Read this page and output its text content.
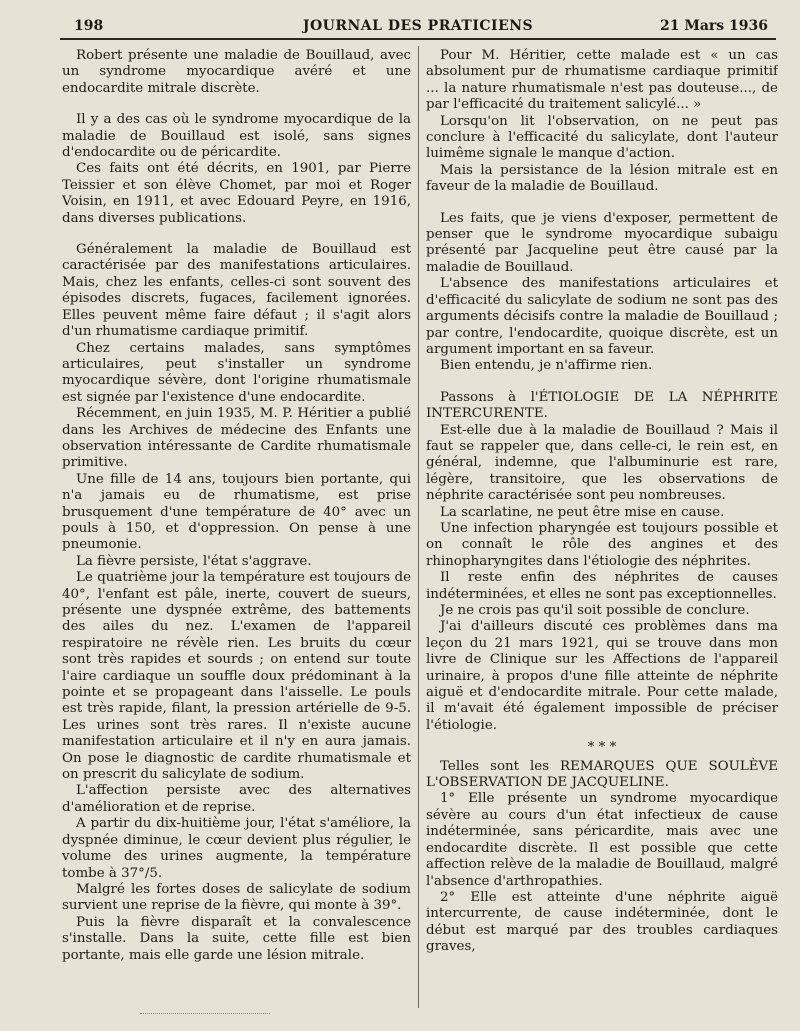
198	JOURNAL DES PRATICIENS	21 Mars 1936

Robert présente une maladie de Bouillaud, avec un syndrome myocardique avéré et une endocardite mitrale discrète.

Il y a des cas où le syndrome myocardique de la maladie de Bouillaud est isolé, sans signes d'endocardite ou de péricardite.

Ces faits ont été décrits, en 1901, par Pierre Teissier et son élève Chomet, par moi et Roger Voisin, en 1911, et avec Edouard Peyre, en 1916, dans diverses publications.

Généralement la maladie de Bouillaud est caractérisée par des manifestations articulaires. Mais, chez les enfants, celles-ci sont souvent des épisodes discrets, fugaces, facilement ignorées. Elles peuvent même faire défaut ; il s'agit alors d'un rhumatisme cardiaque primitif.

Chez certains malades, sans symptômes articulaires, peut s'installer un syndrome myocardique sévère, dont l'origine rhumatismale est signée par l'existence d'une endocardite.

Récemment, en juin 1935, M. P. Héritier a publié dans les Archives de médecine des Enfants une observation intéressante de Cardite rhumatismale primitive.

Une fille de 14 ans, toujours bien portante, qui n'a jamais eu de rhumatisme, est prise brusquement d'une température de 40° avec un pouls à 150, et d'oppression. On pense à une pneumonie.

La fièvre persiste, l'état s'aggrave.

Le quatrième jour la température est toujours de 40°, l'enfant est pâle, inerte, couvert de sueurs, présente une dyspnée extrême, des battements des ailes du nez. L'examen de l'appareil respiratoire ne révèle rien. Les bruits du cœur sont très rapides et sourds ; on entend sur toute l'aire cardiaque un souffle doux prédominant à la pointe et se propageant dans l'aisselle. Le pouls est très rapide, filant, la pression artérielle de 9-5. Les urines sont très rares. Il n'existe aucune manifestation articulaire et il n'y en aura jamais. On pose le diagnostic de cardite rhumatismale et on prescrit du salicylate de sodium.

L'affection persiste avec des alternatives d'amélioration et de reprise.

A partir du dix-huitième jour, l'état s'améliore, la dyspnée diminue, le cœur devient plus régulier, le volume des urines augmente, la température tombe à 37°/5.

Malgré les fortes doses de salicylate de sodium survient une reprise de la fièvre, qui monte à 39°.

Puis la fièvre disparaît et la convalescence s'installe. Dans la suite, cette fille est bien portante, mais elle garde une lésion mitrale.

Pour M. Héritier, cette malade est « un cas absolument pur de rhumatisme cardiaque primitif ... la nature rhumatismale n'est pas douteuse..., de par l'efficacité du traitement salicylé... »

Lorsqu'on lit l'observation, on ne peut pas conclure à l'efficacité du salicylate, dont l'auteur luimême signale le manque d'action.

Mais la persistance de la lésion mitrale est en faveur de la maladie de Bouillaud.

Les faits, que je viens d'exposer, permettent de penser que le syndrome myocardique subaigu présenté par Jacqueline peut être causé par la maladie de Bouillaud.

L'absence des manifestations articulaires et d'efficacité du salicylate de sodium ne sont pas des arguments décisifs contre la maladie de Bouillaud ; par contre, l'endocardite, quoique discrète, est un argument important en sa faveur.

Bien entendu, je n'affirme rien.

Passons à l'ÉTIOLOGIE DE LA NÉPHRITE INTERCURENTE.

Est-elle due à la maladie de Bouillaud ? Mais il faut se rappeler que, dans celle-ci, le rein est, en général, indemne, que l'albuminurie est rare, légère, transitoire, que les observations de néphrite caractérisée sont peu nombreuses.

La scarlatine, ne peut être mise en cause.

Une infection pharyngée est toujours possible et on connaît le rôle des angines et des rhinopharyngites dans l'étiologie des néphrites.

Il reste enfin des néphrites de causes indéterminées, et elles ne sont pas exceptionnelles.

Je ne crois pas qu'il soit possible de conclure.

J'ai d'ailleurs discuté ces problèmes dans ma leçon du 21 mars 1921, qui se trouve dans mon livre de Clinique sur les Affections de l'appareil urinaire, à propos d'une fille atteinte de néphrite aiguë et d'endocardite mitrale. Pour cette malade, il m'avait été également impossible de préciser l'étiologie.

* * *

Telles sont les REMARQUES QUE SOULÈVE L'OBSERVATION DE JACQUELINE.

1° Elle présente un syndrome myocardique sévère au cours d'un état infectieux de cause indéterminée, sans péricardite, mais avec une endocardite discrète. Il est possible que cette affection relève de la maladie de Bouillaud, malgré l'absence d'arthropathies.

2° Elle est atteinte d'une néphrite aiguë intercurrente, de cause indéterminée, dont le début est marqué par des troubles cardiaques graves,
